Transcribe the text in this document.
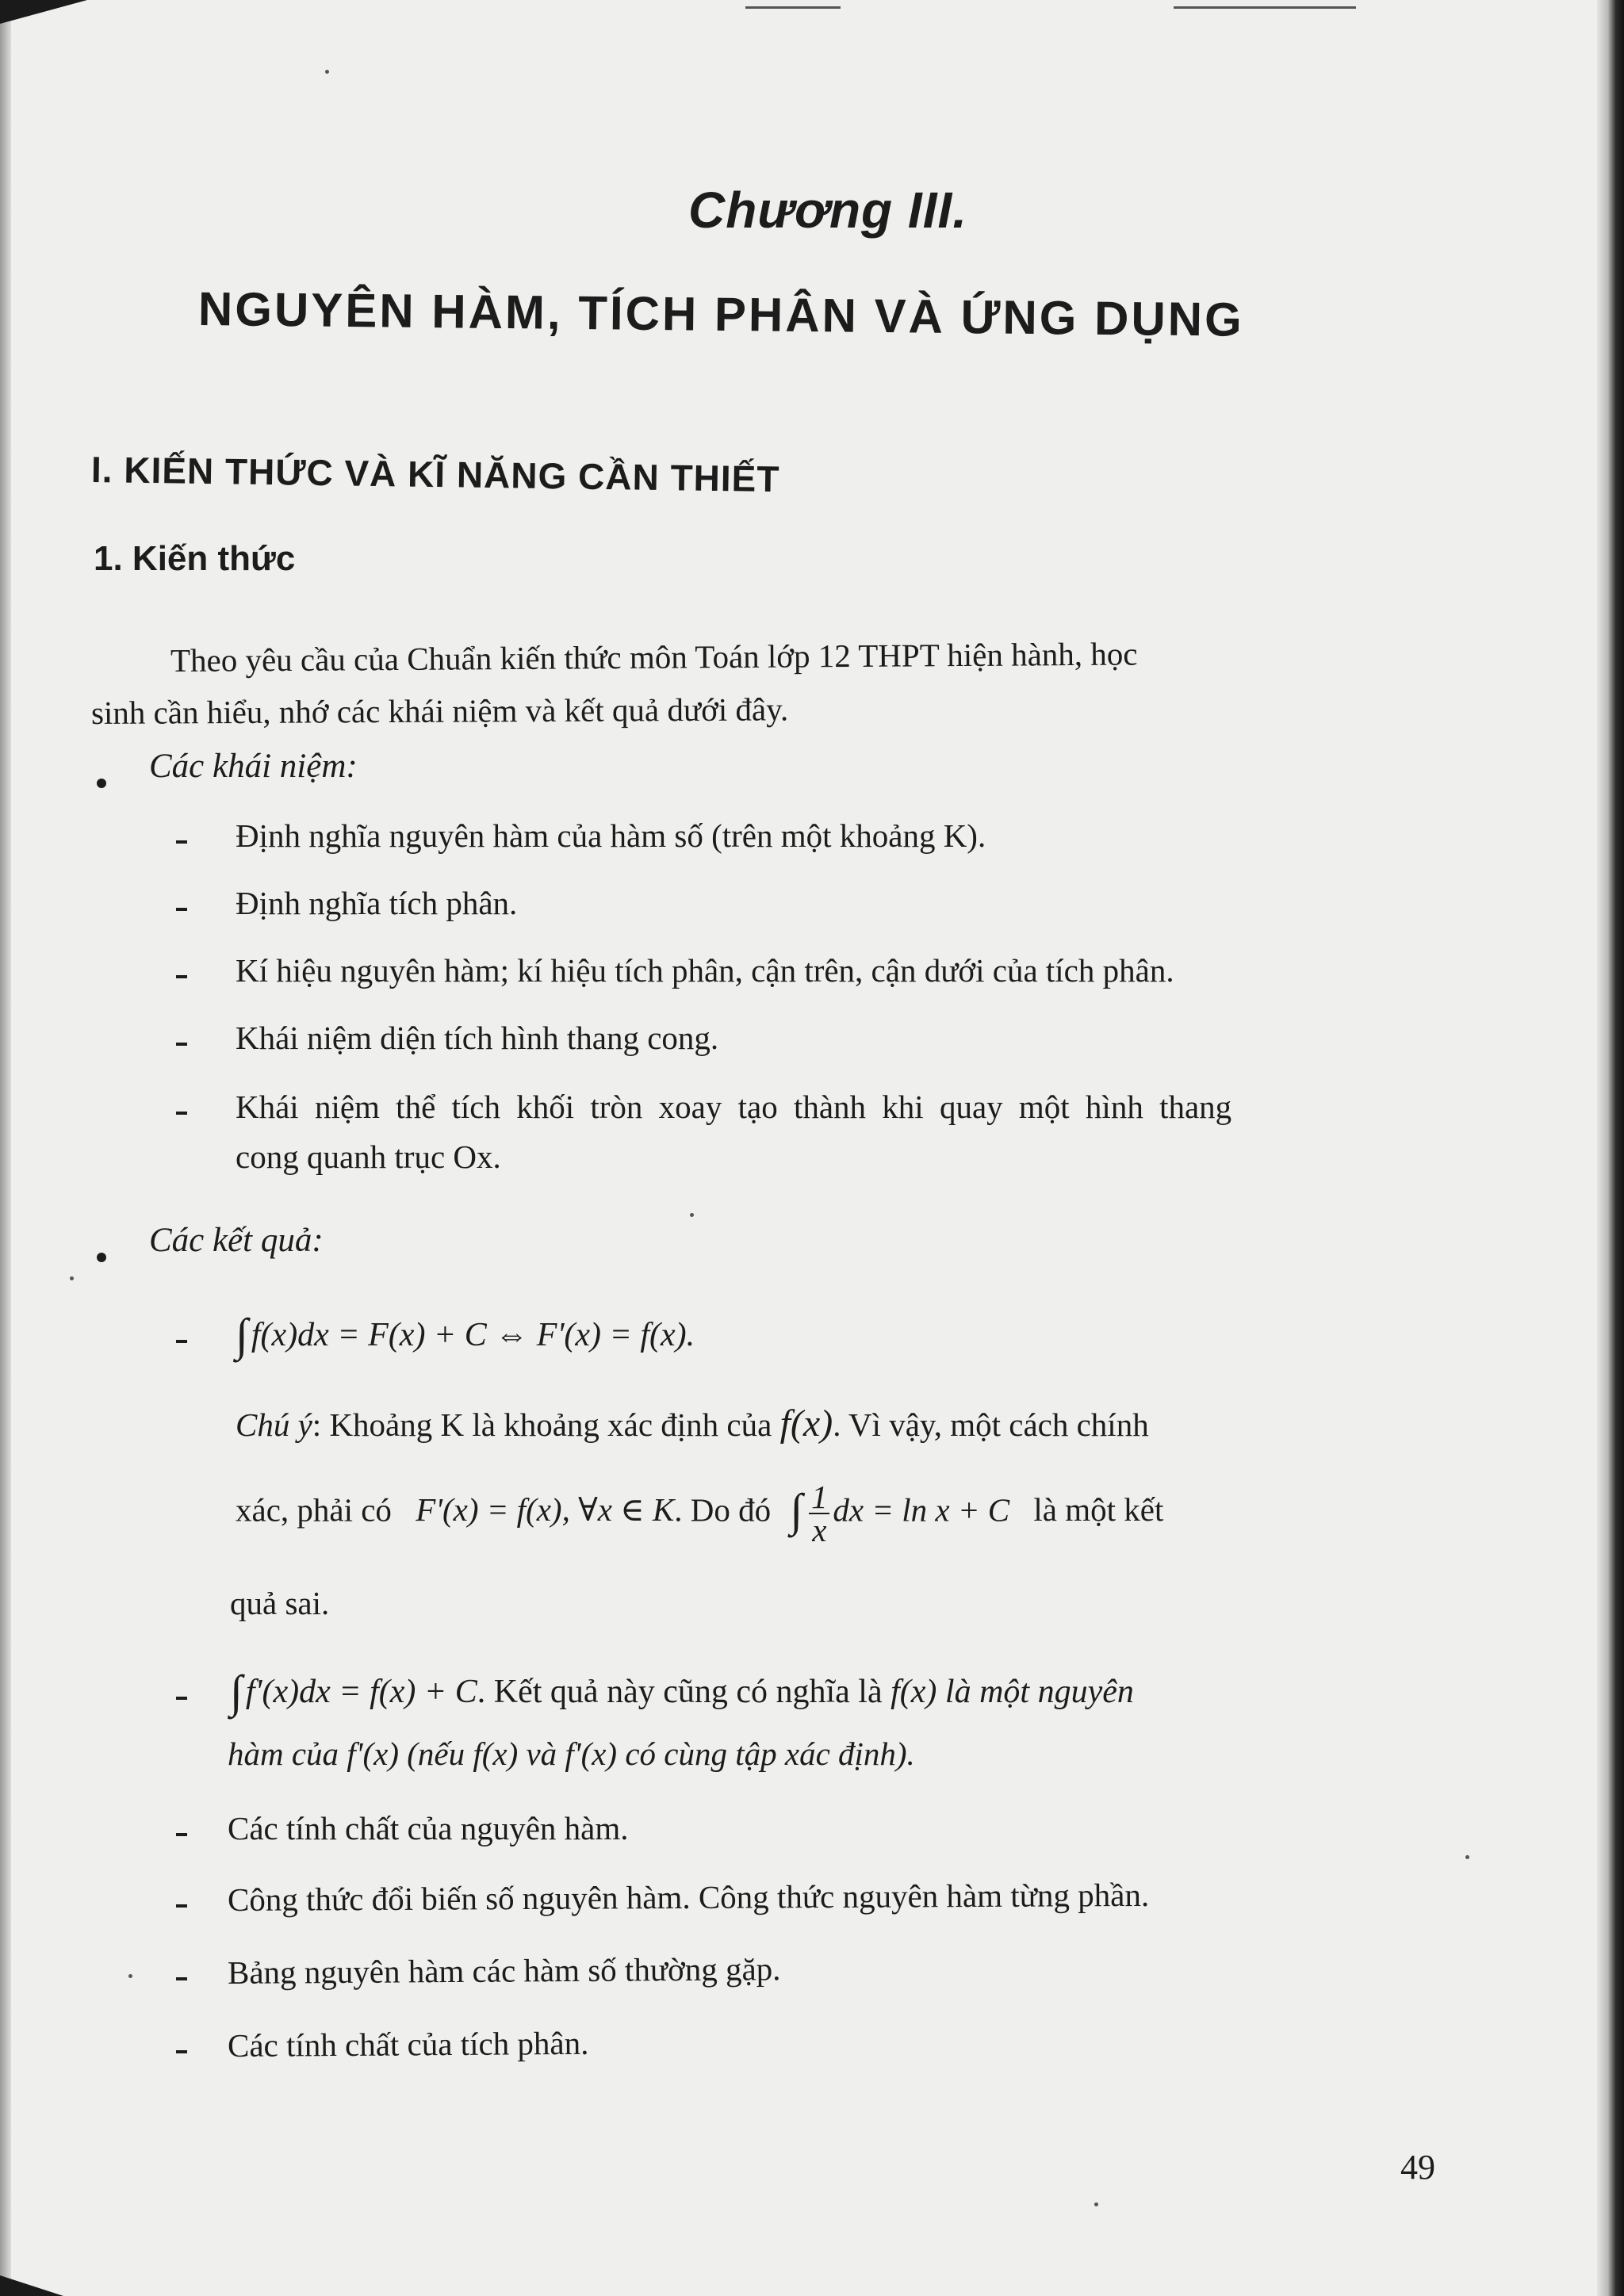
Chương III.
NGUYÊN HÀM, TÍCH PHÂN VÀ ỨNG DỤNG
I. KIẾN THỨC VÀ KĨ NĂNG CẦN THIẾT
1. Kiến thức
Theo yêu cầu của Chuẩn kiến thức môn Toán lớp 12 THPT hiện hành, học
sinh cần hiểu, nhớ các khái niệm và kết quả dưới đây.
Các khái niệm:
Định nghĩa nguyên hàm của hàm số (trên một khoảng K).
Định nghĩa tích phân.
Kí hiệu nguyên hàm; kí hiệu tích phân, cận trên, cận dưới của tích phân.
Khái niệm diện tích hình thang cong.
Khái niệm thể tích khối tròn xoay tạo thành khi quay một hình thang
cong quanh trục Ox.
Các kết quả:
∫f(x)dx = F(x) + C ⇔ F'(x) = f(x).
Chú ý: Khoảng K là khoảng xác định của f(x). Vì vậy, một cách chính
xác, phải có F'(x) = f(x), ∀x ∈ K. Do đó ∫ $\frac{1}{x}$ dx = ln x + C là một kết
quả sai.
∫f'(x)dx = f(x) + C. Kết quả này cũng có nghĩa là f(x) là một nguyên
hàm của f'(x) (nếu f(x) và f'(x) có cùng tập xác định).
Các tính chất của nguyên hàm.
Công thức đổi biến số nguyên hàm. Công thức nguyên hàm từng phần.
Bảng nguyên hàm các hàm số thường gặp.
Các tính chất của tích phân.
49
